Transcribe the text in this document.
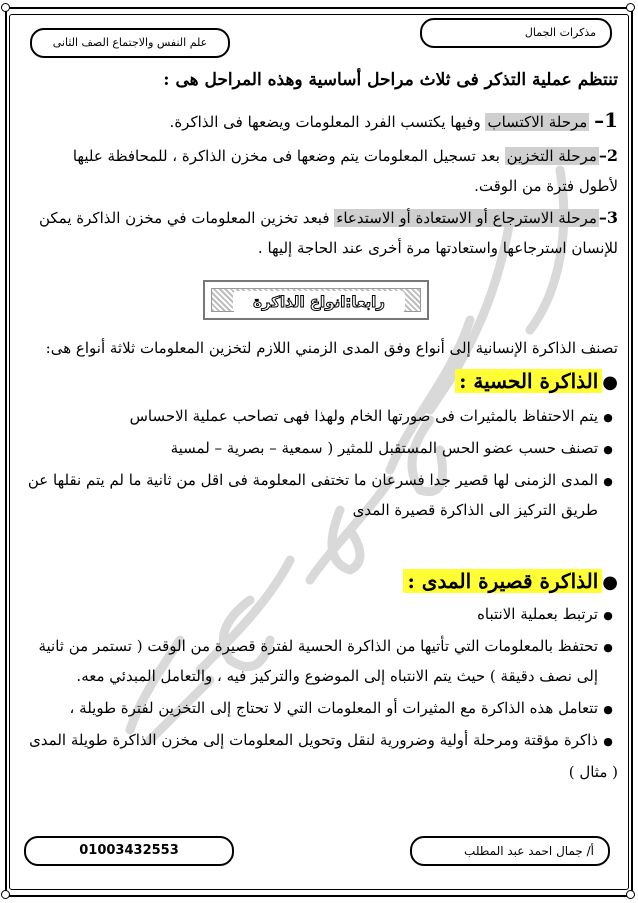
علم النفس والاجتماع الصف الثانى
مذكرات الجمال
تنتظم عملية التذكر فى ثلاث مراحل أساسية وهذه المراحل هى :
1– مرحلة الاكتساب وفيها يكتسب الفرد المعلومات ويضعها فى الذاكرة.
2–مرحلة التخزين بعد تسجيل المعلومات يتم وضعها فى مخزن الذاكرة ، للمحافظة عليها
لأطول فترة من الوقت.
3–مرحلة الاسترجاع أو الاستعادة أو الاستدعاء فبعد تخزين المعلومات في مخزن الذاكرة يمكن
للإنسان استرجاعها واستعادتها مرة أخرى عند الحاجة إليها .
تصنف الذاكرة الإنسانية إلى أنواع وفق المدى الزمني اللازم لتخزين المعلومات ثلاثة أنواع هى:
●الذاكرة الحسية :
●يتم الاحتفاظ بالمثيرات فى صورتها الخام ولهذا فهى تصاحب عملية الاحساس
●تصنف حسب عضو الحس المستقبل للمثير ( سمعية – بصرية – لمسية
●المدى الزمنى لها قصير جدا فسرعان ما تختفى المعلومة فى اقل من ثانية ما لم يتم نقلها عن
طريق التركيز الى الذاكرة قصيرة المدى
●الذاكرة قصيرة المدى :
●ترتبط بعملية الانتباه
●تحتفظ بالمعلومات التي تأتيها من الذاكرة الحسية لفترة قصيرة من الوقت ( تستمر من ثانية
إلى نصف دقيقة ) حيث يتم الانتباه إلى الموضوع والتركيز فيه ، والتعامل المبدئي معه.
●تتعامل هذه الذاكرة مع المثيرات أو المعلومات التي لا تحتاج إلى التخزين لفترة طويلة ،
●ذاكرة مؤقتة ومرحلة أولية وضرورية لنقل وتحويل المعلومات إلى مخزن الذاكرة طويلة المدى
( مثال )
رابعا:انواع الذاكرة
01003432553	أ/ جمال احمد عبد المطلب
